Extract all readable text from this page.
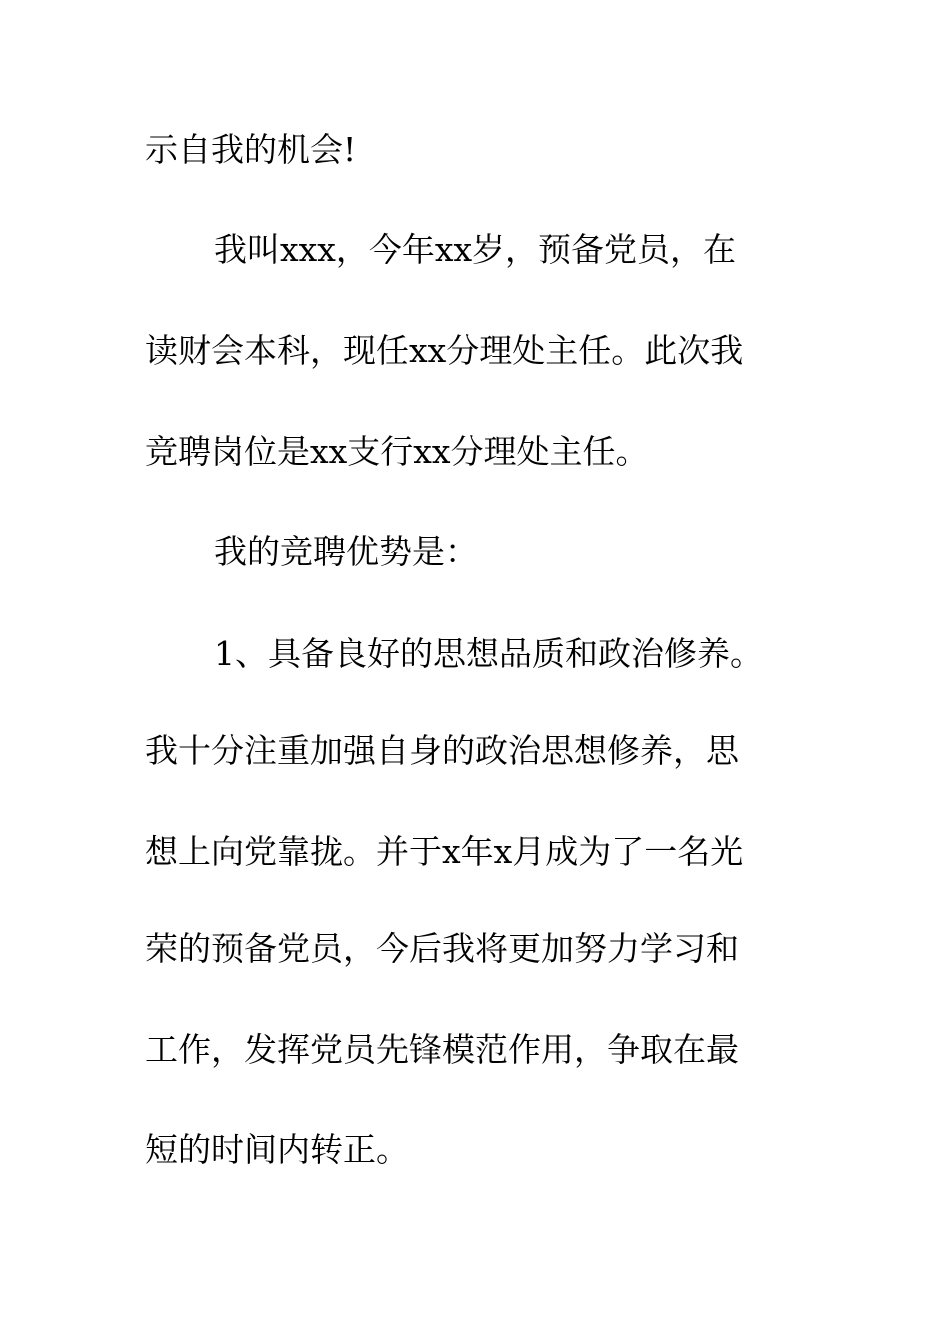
示自我的机会!
我叫xxx，今年xx岁，预备党员，在
读财会本科，现任xx分理处主任。此次我
竞聘岗位是xx支行xx分理处主任。
我的竞聘优势是：
1、具备良好的思想品质和政治修养。
我十分注重加强自身的政治思想修养，思
想上向党靠拢。并于x年x月成为了一名光
荣的预备党员，今后我将更加努力学习和
工作，发挥党员先锋模范作用，争取在最
短的时间内转正。
